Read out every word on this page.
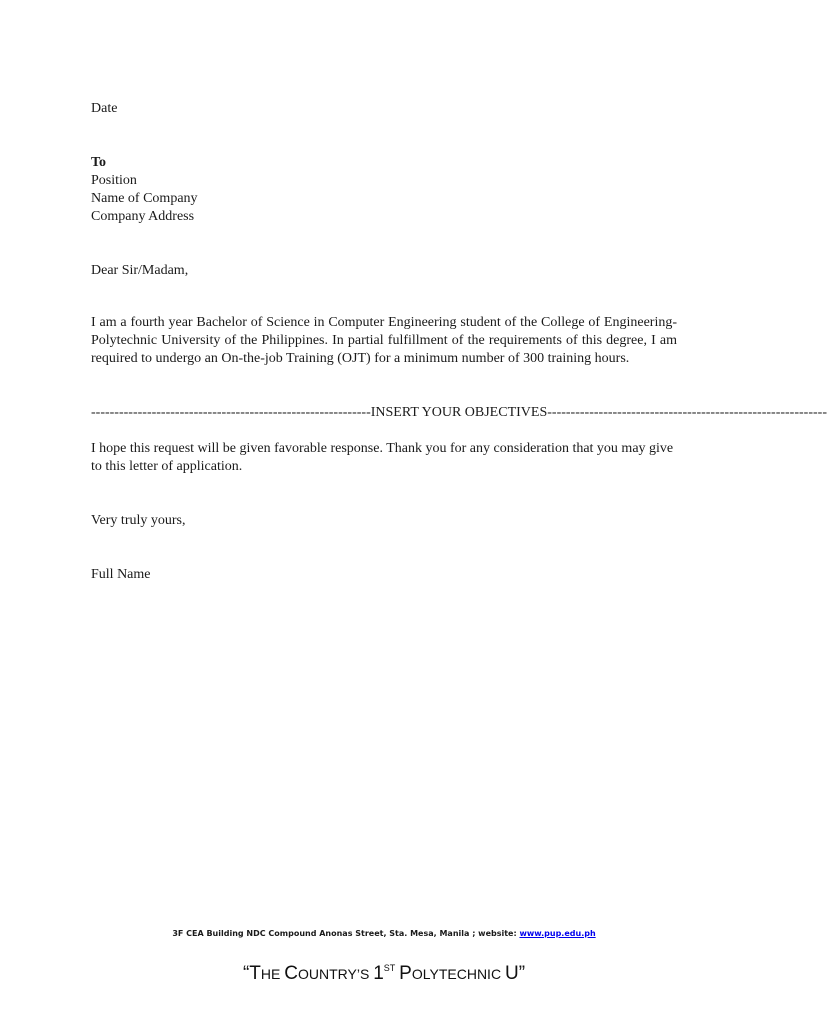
Date
To
Position
Name of Company
Company Address
Dear Sir/Madam,
I am a fourth year Bachelor of Science in Computer Engineering student of the College of Engineering-Polytechnic University of the Philippines. In partial fulfillment of the requirements of this degree, I am required to undergo an On-the-job Training (OJT) for a minimum number of 300 training hours.
------------------------------------------------------------ INSERT YOUR OBJECTIVES ------------------------------------------------------------
I hope this request will be given favorable response. Thank you for any consideration that you may give to this letter of application.
Very truly yours,
Full Name
3F CEA Building NDC Compound Anonas Street, Sta. Mesa, Manila ; website: www.pup.edu.ph
“THE COUNTRY’S 1ST POLYTECHNIC U”
